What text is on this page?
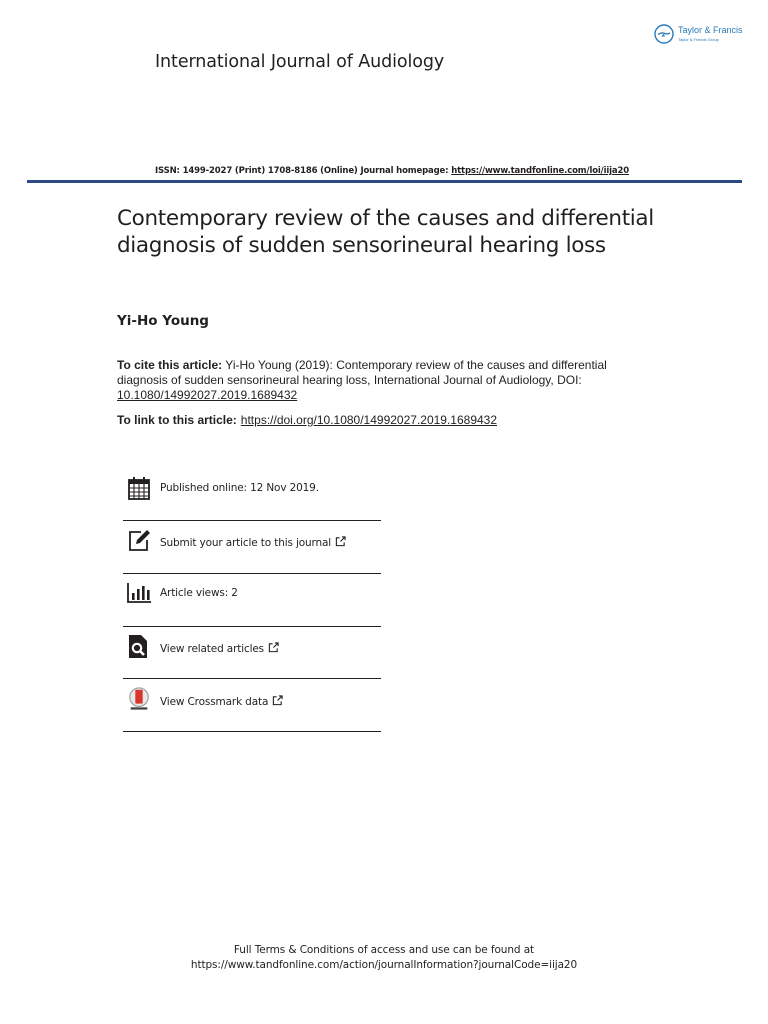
Taylor & Francis
Taylor & Francis Group
International Journal of Audiology
ISSN: 1499-2027 (Print) 1708-8186 (Online) Journal homepage: https://www.tandfonline.com/loi/iija20
Contemporary review of the causes and differential diagnosis of sudden sensorineural hearing loss
Yi-Ho Young
To cite this article: Yi-Ho Young (2019): Contemporary review of the causes and differential diagnosis of sudden sensorineural hearing loss, International Journal of Audiology, DOI: 10.1080/14992027.2019.1689432
To link to this article: https://doi.org/10.1080/14992027.2019.1689432
Published online: 12 Nov 2019.
Submit your article to this journal
Article views: 2
View related articles
View Crossmark data
Full Terms & Conditions of access and use can be found at
https://www.tandfonline.com/action/journalInformation?journalCode=iija20
